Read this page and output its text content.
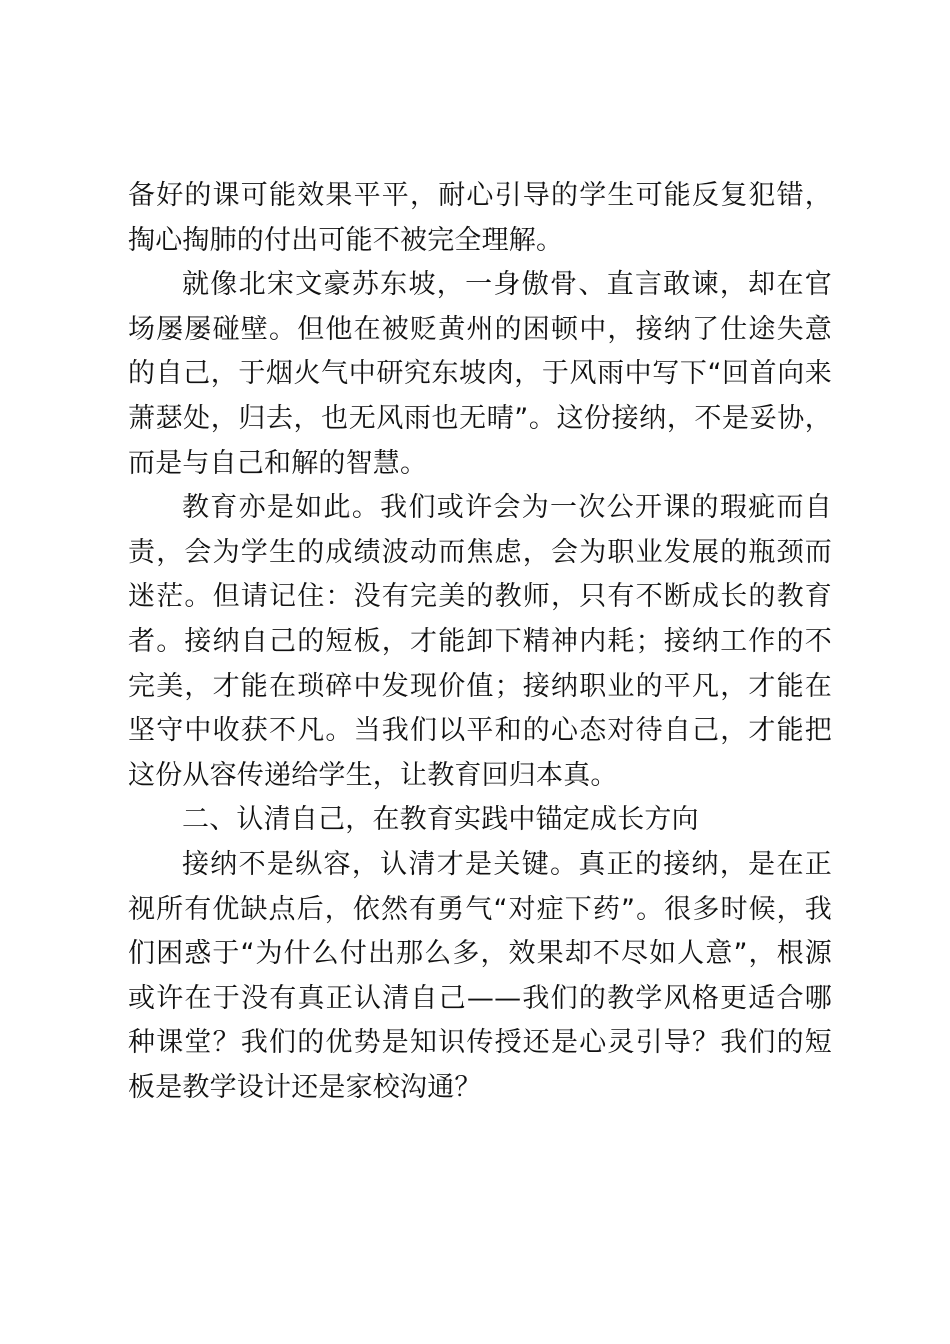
备好的课可能效果平平，耐心引导的学生可能反复犯错，掏心掏肺的付出可能不被完全理解。

就像北宋文豪苏东坡，一身傲骨、直言敢谏，却在官场屡屡碰壁。但他在被贬黄州的困顿中，接纳了仕途失意的自己，于烟火气中研究东坡肉，于风雨中写下“回首向来萧瑟处，归去，也无风雨也无晴”。这份接纳，不是妥协，而是与自己和解的智慧。

教育亦是如此。我们或许会为一次公开课的瑕疵而自责，会为学生的成绩波动而焦虑，会为职业发展的瓶颈而迷茫。但请记住：没有完美的教师，只有不断成长的教育者。接纳自己的短板，才能卸下精神内耗；接纳工作的不完美，才能在琐碎中发现价值；接纳职业的平凡，才能在坚守中收获不凡。当我们以平和的心态对待自己，才能把这份从容传递给学生，让教育回归本真。

二、认清自己，在教育实践中锚定成长方向

接纳不是纵容，认清才是关键。真正的接纳，是在正视所有优缺点后，依然有勇气“对症下药”。很多时候，我们困惑于“为什么付出那么多，效果却不尽如人意”，根源或许在于没有真正认清自己——我们的教学风格更适合哪种课堂？我们的优势是知识传授还是心灵引导？我们的短板是教学设计还是家校沟通？
